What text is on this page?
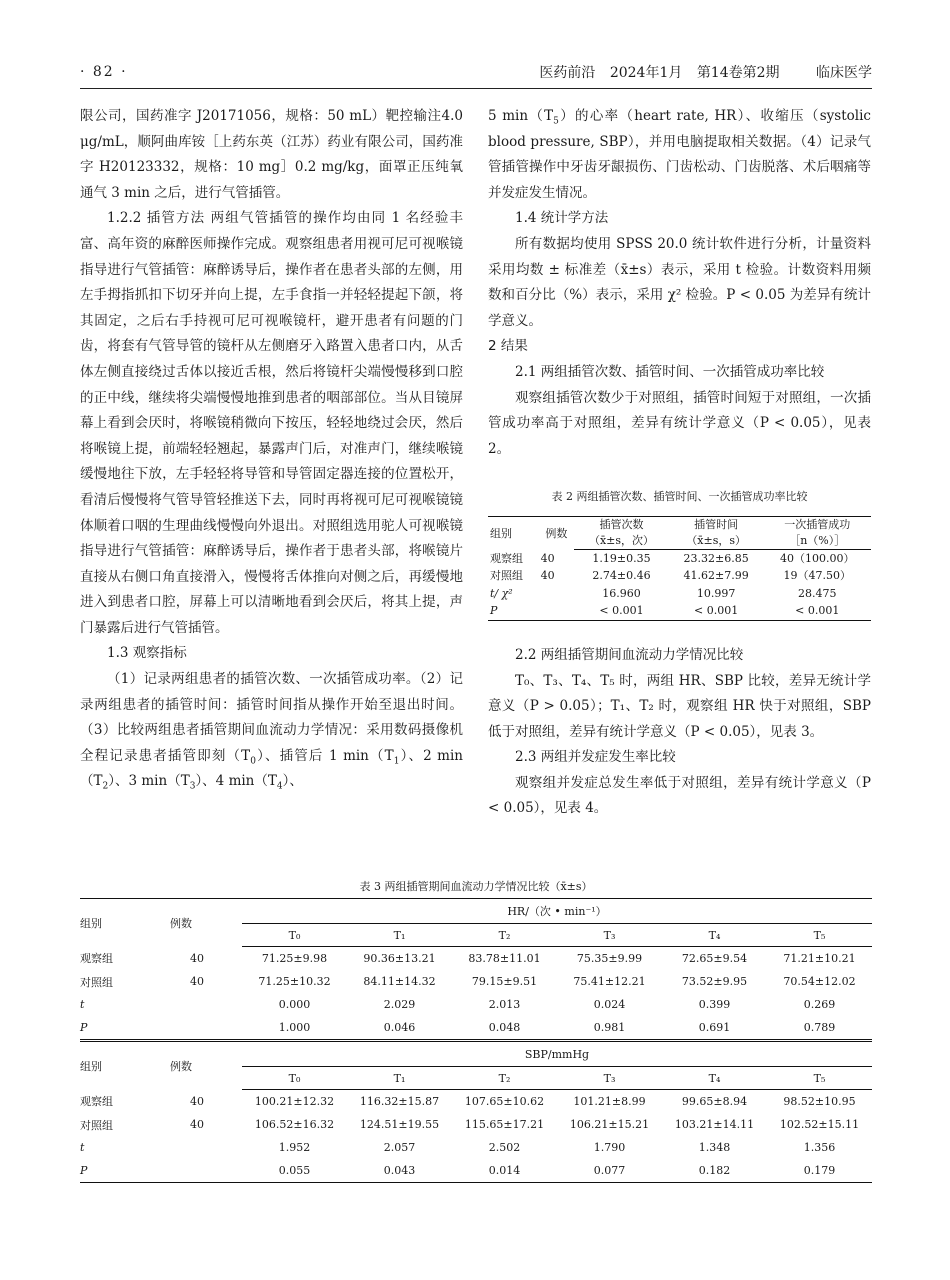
· 82 ·	医药前沿 2024年1月 第14卷第2期	临床医学

限公司，国药准字 J20171056，规格：50 mL）靶控输注4.0 μg/mL，顺阿曲库铵［上药东英（江苏）药业有限公司，国药准字 H20123332，规格：10 mg］0.2 mg/kg，面罩正压纯氧通气 3 min 之后，进行气管插管。

1.2.2 插管方法 两组气管插管的操作均由同 1 名经验丰富、高年资的麻醉医师操作完成。观察组患者用视可尼可视喉镜指导进行气管插管：麻醉诱导后，操作者在患者头部的左侧，用左手拇指抓扣下切牙并向上提，左手食指一并轻轻提起下颌，将其固定，之后右手持视可尼可视喉镜杆，避开患者有问题的门齿，将套有气管导管的镜杆从左侧磨牙入路置入患者口内，从舌体左侧直接绕过舌体以接近舌根，然后将镜杆尖端慢慢移到口腔的正中线，继续将尖端慢慢地推到患者的咽部部位。当从目镜屏幕上看到会厌时，将喉镜稍微向下按压，轻轻地绕过会厌，然后将喉镜上提，前端轻轻翘起，暴露声门后，对准声门，继续喉镜缓慢地往下放，左手轻轻将导管和导管固定器连接的位置松开，看清后慢慢将气管导管轻推送下去，同时再将视可尼可视喉镜镜体顺着口咽的生理曲线慢慢向外退出。对照组选用驼人可视喉镜指导进行气管插管：麻醉诱导后，操作者于患者头部，将喉镜片直接从右侧口角直接滑入，慢慢将舌体推向对侧之后，再缓慢地进入到患者口腔，屏幕上可以清晰地看到会厌后，将其上提，声门暴露后进行气管插管。

1.3 观察指标

（1）记录两组患者的插管次数、一次插管成功率。（2）记录两组患者的插管时间：插管时间指从操作开始至退出时间。（3）比较两组患者插管期间血流动力学情况：采用数码摄像机全程记录患者插管即刻$(T_0)$、插管后 1 $\min(T_1)$、2 $\min(T_2)$、3 $\min(T_3)$、4 $\min(T_4)$、

5 $\min(T_5)$的心率（heart rate, HR）、收缩压（systolic blood pressure, SBP），并用电脑提取相关数据。（4）记录气管插管操作中牙齿牙龈损伤、门齿松动、门齿脱落、术后咽痛等并发症发生情况。

1.4 统计学方法

所有数据均使用 SPSS 20.0 统计软件进行分析，计量资料采用均数 ± 标准差（x̄±s）表示，采用 t 检验。计数资料用频数和百分比（%）表示，采用 χ² 检验。P < 0.05 为差异有统计学意义。

2 结果

2.1 两组插管次数、插管时间、一次插管成功率比较

观察组插管次数少于对照组，插管时间短于对照组，一次插管成功率高于对照组，差异有统计学意义（P < 0.05），见表 2。

表 2 两组插管次数、插管时间、一次插管成功率比较
组别	例数	插管次数	插管时间	一次插管成功
		（x̄±s，次）	（x̄±s，s）	［n（%）］
观察组	40	1.19±0.35	23.32±6.85	40（100.00）
对照组	40	2.74±0.46	41.62±7.99	19（47.50）
t/ χ²		16.960	10.997	28.475
P		< 0.001	< 0.001	< 0.001

2.2 两组插管期间血流动力学情况比较

T₀、T₃、T₄、T₅ 时，两组 HR、SBP 比较，差异无统计学意义（P > 0.05）；T₁、T₂ 时，观察组 HR 快于对照组，SBP 低于对照组，差异有统计学意义（P < 0.05），见表 3。

2.3 两组并发症发生率比较

观察组并发症总发生率低于对照组，差异有统计学意义（P < 0.05），见表 4。

表 3 两组插管期间血流动力学情况比较（x̄±s）
组别	例数	HR/（次 • min⁻¹）					
		T₀	T₁	T₂	T₃	T₄	T₅
观察组	40	71.25±9.98	90.36±13.21	83.78±11.01	75.35±9.99	72.65±9.54	71.21±10.21
对照组	40	71.25±10.32	84.11±14.32	79.15±9.51	75.41±12.21	73.52±9.95	70.54±12.02
t		0.000	2.029	2.013	0.024	0.399	0.269
P		1.000	0.046	0.048	0.981	0.691	0.789
组别	例数	SBP/mmHg					
		T₀	T₁	T₂	T₃	T₄	T₅
观察组	40	100.21±12.32	116.32±15.87	107.65±10.62	101.21±8.99	99.65±8.94	98.52±10.95
对照组	40	106.52±16.32	124.51±19.55	115.65±17.21	106.21±15.21	103.21±14.11	102.52±15.11
t		1.952	2.057	2.502	1.790	1.348	1.356
P		0.055	0.043	0.014	0.077	0.182	0.179
